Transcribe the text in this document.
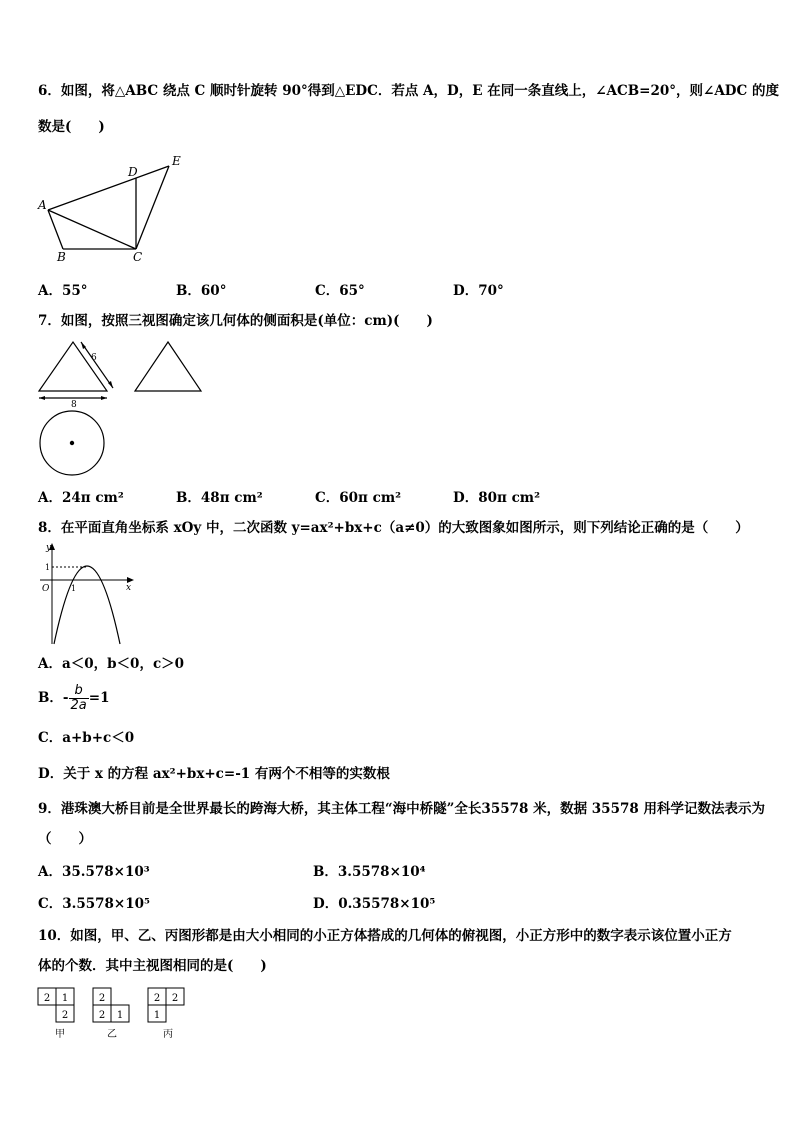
6．如图，将△ABC 绕点 C 顺时针旋转 90°得到△EDC．若点 A，D，E 在同一条直线上，∠ACB=20°，则∠ADC 的度
数是(　　)
A
B	C
D
E
A．55°	B．60°	C．65°	D．70°
7．如图，按照三视图确定该几何体的侧面积是(单位：cm)(　　)
6
8
A．24π cm²	B．48π cm²	C．60π cm²	D．80π cm²
8．在平面直角坐标系 xOy 中，二次函数 y=ax²+bx+c（a≠0）的大致图象如图所示，则下列结论正确的是（　　）
y
x
O	1
1
A．a＜0，b＜0，c＞0
B．- $\frac{b}{2a} =1$
C．a+b+c＜0
D．关于 x 的方程 ax²+bx+c=-1 有两个不相等的实数根
9．港珠澳大桥目前是全世界最长的跨海大桥，其主体工程“海中桥隧”全长35578 米，数据 35578 用科学记数法表示为
（　　）
A．35.578×10³	B．3.5578×10⁴
C．3.5578×10⁵	D．0.35578×10⁵
10．如图，甲、乙、丙图形都是由大小相同的小正方体搭成的几何体的俯视图，小正方形中的数字表示该位置小正方
体的个数．其中主视图相同的是(　　)
2 1
2
2
2 1
2 2
1
甲	乙	丙
